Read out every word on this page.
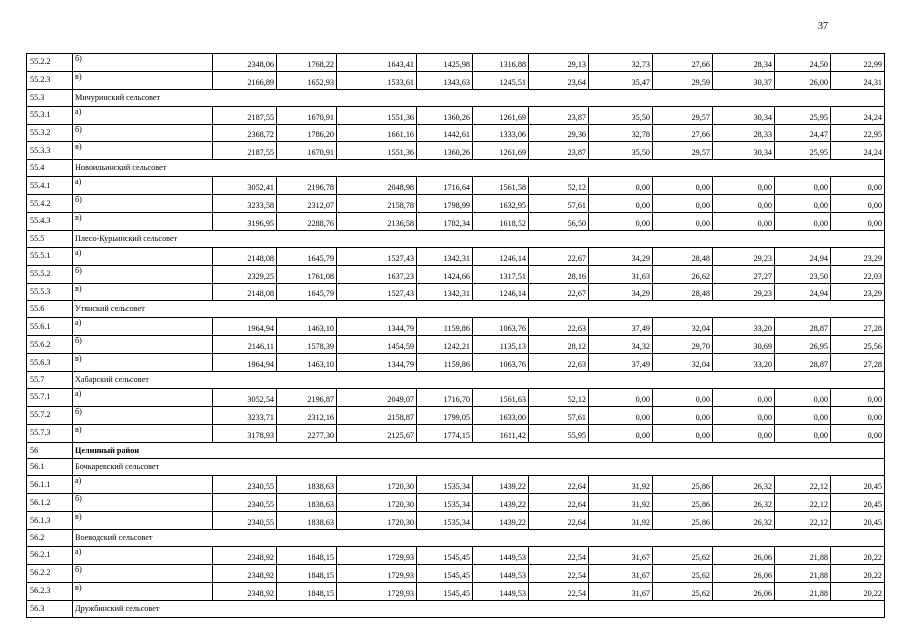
37
55.2.2	б)	2348,06	1768,22	1643,41	1425,98	1316,88	29,13	32,73	27,66	28,34	24,50	22,99
55.2.3	в)	2166,89	1652,93	1533,61	1343,63	1245,51	23,64	35,47	29,59	30,37	26,00	24,31
55.3	Мичуринский сельсовет											
55.3.1	а)	2187,55	1670,91	1551,36	1360,26	1261,69	23,87	35,50	29,57	30,34	25,95	24,24
55.3.2	б)	2368,72	1786,20	1661,16	1442,61	1333,06	29,36	32,78	27,66	28,33	24,47	22,95
55.3.3	в)	2187,55	1670,91	1551,36	1360,26	1261,69	23,87	35,50	29,57	30,34	25,95	24,24
55.4	Новоильинский сельсовет											
55.4.1	а)	3052,41	2196,78	2048,98	1716,64	1561,58	52,12	0,00	0,00	0,00	0,00	0,00
55.4.2	б)	3233,58	2312,07	2158,78	1798,99	1632,95	57,61	0,00	0,00	0,00	0,00	0,00
55.4.3	в)	3196,95	2288,76	2136,58	1782,34	1618,52	56,50	0,00	0,00	0,00	0,00	0,00
55.5	Плесо-Курьинский сельсовет											
55.5.1	а)	2148,08	1645,79	1527,43	1342,31	1246,14	22,67	34,29	28,48	29,23	24,94	23,29
55.5.2	б)	2329,25	1761,08	1637,23	1424,66	1317,51	28,16	31,63	26,62	27,27	23,50	22,03
55.5.3	в)	2148,08	1645,79	1527,43	1342,31	1246,14	22,67	34,29	28,48	29,23	24,94	23,29
55.6	Утянский сельсовет											
55.6.1	а)	1964,94	1463,10	1344,79	1159,86	1063,76	22,63	37,49	32,04	33,20	28,87	27,28
55.6.2	б)	2146,11	1578,39	1454,59	1242,21	1135,13	28,12	34,32	29,70	30,69	26,95	25,56
55.6.3	в)	1964,94	1463,10	1344,79	1159,86	1063,76	22,63	37,49	32,04	33,20	28,87	27,28
55.7	Хабарский сельсовет											
55.7.1	а)	3052,54	2196,87	2049,07	1716,70	1561,63	52,12	0,00	0,00	0,00	0,00	0,00
55.7.2	б)	3233,71	2312,16	2158,87	1799,05	1633,00	57,61	0,00	0,00	0,00	0,00	0,00
55.7.3	в)	3178,93	2277,30	2125,67	1774,15	1611,42	55,95	0,00	0,00	0,00	0,00	0,00
56	Целинный район											
56.1	Бочкаревский сельсовет											
56.1.1	а)	2340,55	1838,63	1720,30	1535,34	1439,22	22,64	31,92	25,86	26,32	22,12	20,45
56.1.2	б)	2340,55	1838,63	1720,30	1535,34	1439,22	22,64	31,92	25,86	26,32	22,12	20,45
56.1.3	в)	2340,55	1838,63	1720,30	1535,34	1439,22	22,64	31,92	25,86	26,32	22,12	20,45
56.2	Воеводский сельсовет											
56.2.1	а)	2348,92	1848,15	1729,93	1545,45	1449,53	22,54	31,67	25,62	26,06	21,88	20,22
56.2.2	б)	2348,92	1848,15	1729,93	1545,45	1449,53	22,54	31,67	25,62	26,06	21,88	20,22
56.2.3	в)	2348,92	1848,15	1729,93	1545,45	1449,53	22,54	31,67	25,62	26,06	21,88	20,22
56.3	Дружбинский сельсовет											
